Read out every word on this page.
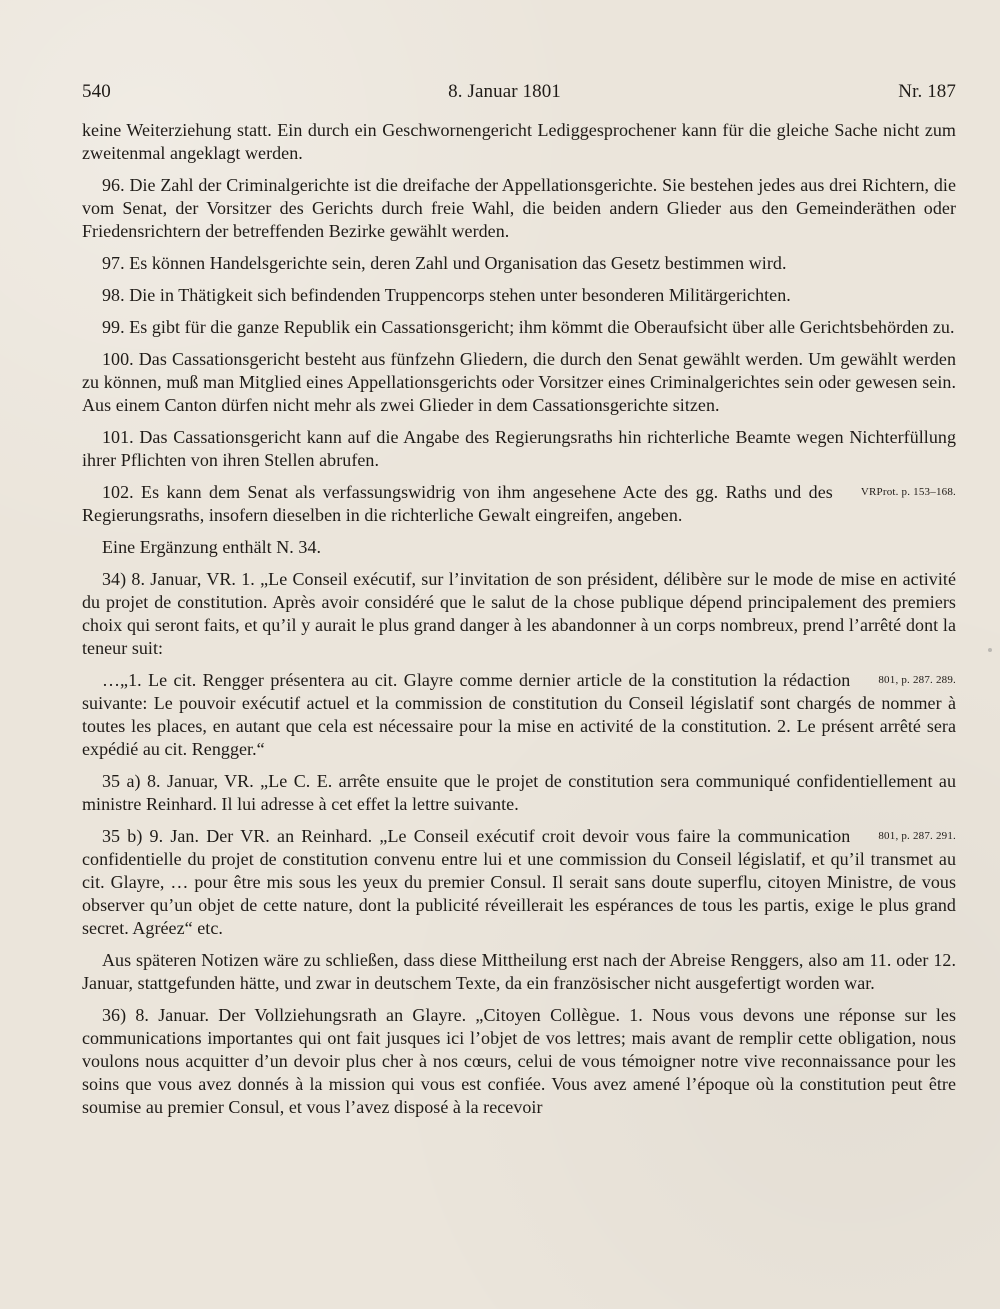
540	8. Januar 1801	Nr. 187

keine Weiterziehung statt. Ein durch ein Geschwornengericht Lediggesprochener kann für die gleiche Sache nicht zum zweitenmal angeklagt werden.

96. Die Zahl der Criminalgerichte ist die dreifache der Appellationsgerichte. Sie bestehen jedes aus drei Richtern, die vom Senat, der Vorsitzer des Gerichts durch freie Wahl, die beiden andern Glieder aus den Gemeinderäthen oder Friedensrichtern der betreffenden Bezirke gewählt werden.

97. Es können Handelsgerichte sein, deren Zahl und Organisation das Gesetz bestimmen wird.

98. Die in Thätigkeit sich befindenden Truppencorps stehen unter besonderen Militärgerichten.

99. Es gibt für die ganze Republik ein Cassationsgericht; ihm kömmt die Oberaufsicht über alle Gerichtsbehörden zu.

100. Das Cassationsgericht besteht aus fünfzehn Gliedern, die durch den Senat gewählt werden. Um gewählt werden zu können, muß man Mitglied eines Appellationsgerichts oder Vorsitzer eines Criminalgerichtes sein oder gewesen sein. Aus einem Canton dürfen nicht mehr als zwei Glieder in dem Cassationsgerichte sitzen.

101. Das Cassationsgericht kann auf die Angabe des Regierungsraths hin richterliche Beamte wegen Nichterfüllung ihrer Pflichten von ihren Stellen abrufen.

VRProt. p. 153–168.
102. Es kann dem Senat als verfassungswidrig von ihm angesehene Acte des gg. Raths und des Regierungsraths, insofern dieselben in die richterliche Gewalt eingreifen, angeben.

Eine Ergänzung enthält N. 34.

34) 8. Januar, VR. 1. „Le Conseil exécutif, sur l’invitation de son président, délibère sur le mode de mise en activité du projet de constitution. Après avoir considéré que le salut de la chose publique dépend principalement des premiers choix qui seront faits, et qu’il y aurait le plus grand danger à les abandonner à un corps nombreux, prend l’arrêté dont la teneur suit:

801, p. 287. 289.
…„1. Le cit. Rengger présentera au cit. Glayre comme dernier article de la constitution la rédaction suivante: Le pouvoir exécutif actuel et la commission de constitution du Conseil législatif sont chargés de nommer à toutes les places, en autant que cela est nécessaire pour la mise en activité de la constitution. 2. Le présent arrêté sera expédié au cit. Rengger.“

35 a) 8. Januar, VR. „Le C. E. arrête ensuite que le projet de constitution sera communiqué confidentiellement au ministre Reinhard. Il lui adresse à cet effet la lettre suivante.

801, p. 287. 291.
35 b) 9. Jan. Der VR. an Reinhard. „Le Conseil exécutif croit devoir vous faire la communication confidentielle du projet de constitution convenu entre lui et une commission du Conseil législatif, et qu’il transmet au cit. Glayre, … pour être mis sous les yeux du premier Consul. Il serait sans doute superflu, citoyen Ministre, de vous observer qu’un objet de cette nature, dont la publicité réveillerait les espérances de tous les partis, exige le plus grand secret. Agréez“ etc.

Aus späteren Notizen wäre zu schließen, dass diese Mittheilung erst nach der Abreise Renggers, also am 11. oder 12. Januar, stattgefunden hätte, und zwar in deutschem Texte, da ein französischer nicht ausgefertigt worden war.

36) 8. Januar. Der Vollziehungsrath an Glayre. „Citoyen Collègue. 1. Nous vous devons une réponse sur les communications importantes qui ont fait jusques ici l’objet de vos lettres; mais avant de remplir cette obligation, nous voulons nous acquitter d’un devoir plus cher à nos cœurs, celui de vous témoigner notre vive reconnaissance pour les soins que vous avez donnés à la mission qui vous est confiée. Vous avez amené l’époque où la constitution peut être soumise au premier Consul, et vous l’avez disposé à la recevoir
